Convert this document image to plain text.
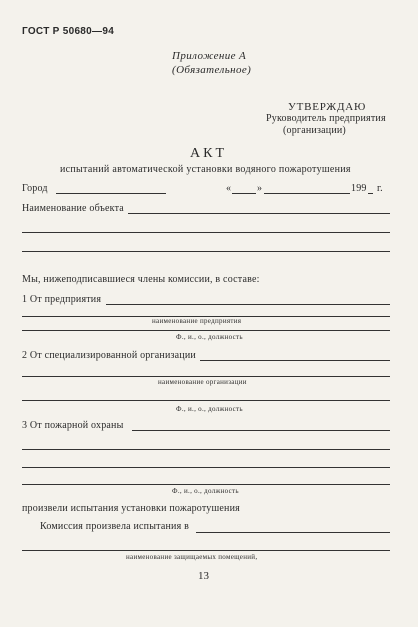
ГОСТ Р 50680—94
Приложение А
(Обязательное)
УТВЕРЖДАЮ
Руководитель предприятия
(организации)
АКТ
испытаний автоматической установки водяного пожаротушения
Город	«	»	199 г.
Наименование объекта
Мы, нижеподписавшиеся члены комиссии, в составе:
1 От предприятия
наименование предприятия
Ф., и., о., должность
2 От специализированной организации
наименование организации
Ф., и., о., должность
3 От пожарной охраны
Ф., и., о., должность
произвели испытания установки пожаротушения
Комиссия произвела испытания в
наименование защищаемых помещений,
13
